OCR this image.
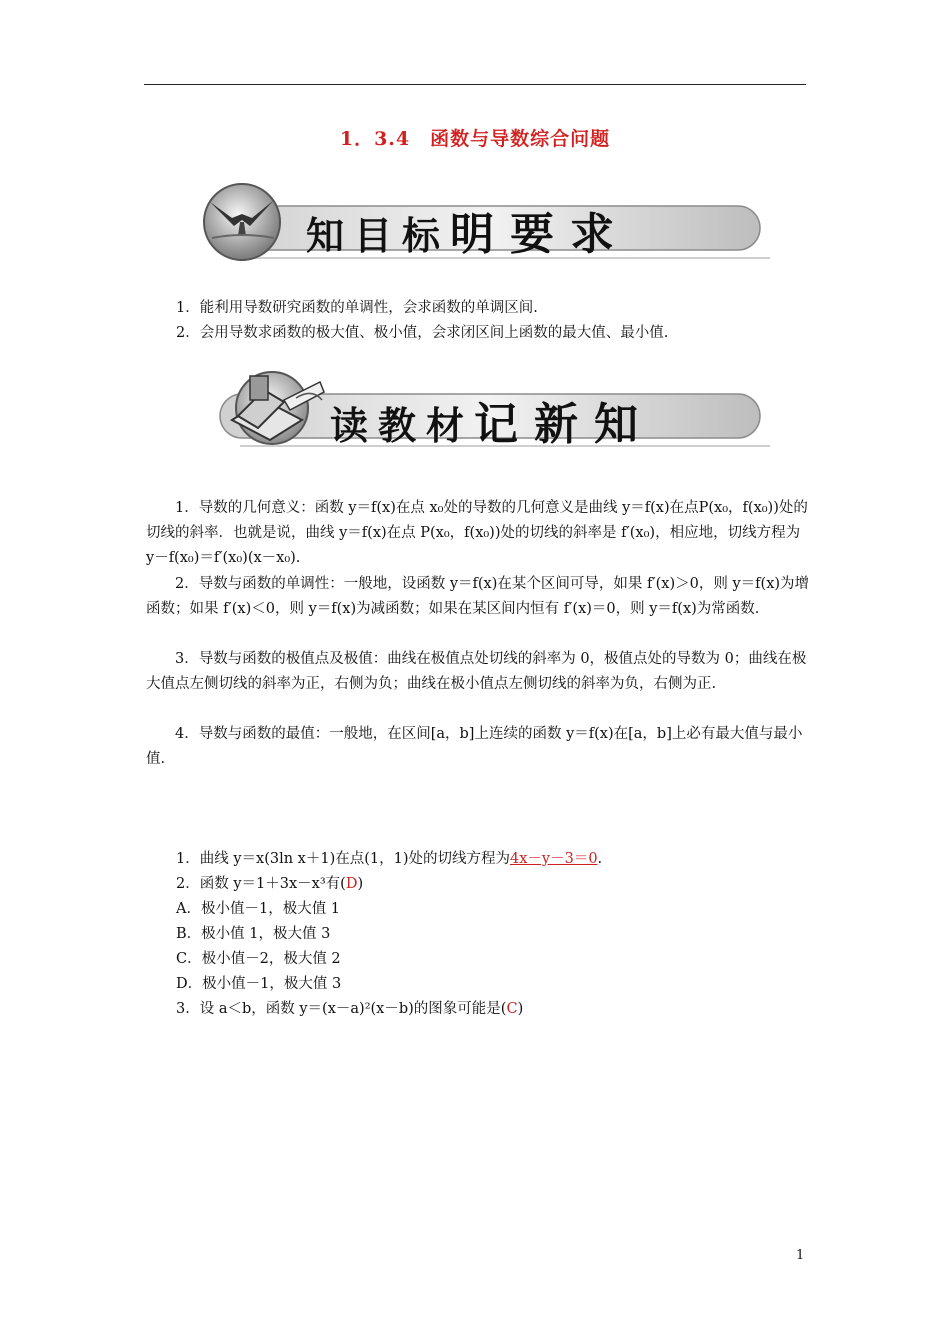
1．3.4　函数与导数综合问题
知目标明要求
1．能利用导数研究函数的单调性，会求函数的单调区间.
2．会用导数求函数的极大值、极小值，会求闭区间上函数的最大值、最小值.
读教材记新知
1．导数的几何意义：函数 y＝f(x)在点 x₀处的导数的几何意义是曲线 y＝f(x)在点P(x₀，f(x₀))处的切线的斜率．也就是说，曲线 y＝f(x)在点 P(x₀，f(x₀))处的切线的斜率是 f′(x₀)，相应地，切线方程为 y－f(x₀)＝f′(x₀)(x－x₀).
2．导数与函数的单调性：一般地，设函数 y＝f(x)在某个区间可导，如果 f′(x)＞0，则 y＝f(x)为增函数；如果 f′(x)＜0，则 y＝f(x)为减函数；如果在某区间内恒有 f′(x)＝0，则 y＝f(x)为常函数.
3．导数与函数的极值点及极值：曲线在极值点处切线的斜率为 0，极值点处的导数为 0；曲线在极大值点左侧切线的斜率为正，右侧为负；曲线在极小值点左侧切线的斜率为负，右侧为正.
4．导数与函数的最值：一般地，在区间[a，b]上连续的函数 y＝f(x)在[a，b]上必有最大值与最小值.
1．曲线 y＝x(3ln x＋1)在点(1，1)处的切线方程为4x－y－3＝0.
2．函数 y＝1＋3x－x³有(D)
A．极小值－1，极大值 1
B．极小值 1，极大值 3
C．极小值－2，极大值 2
D．极小值－1，极大值 3
3．设 a＜b，函数 y＝(x－a)²(x－b)的图象可能是(C)
1
